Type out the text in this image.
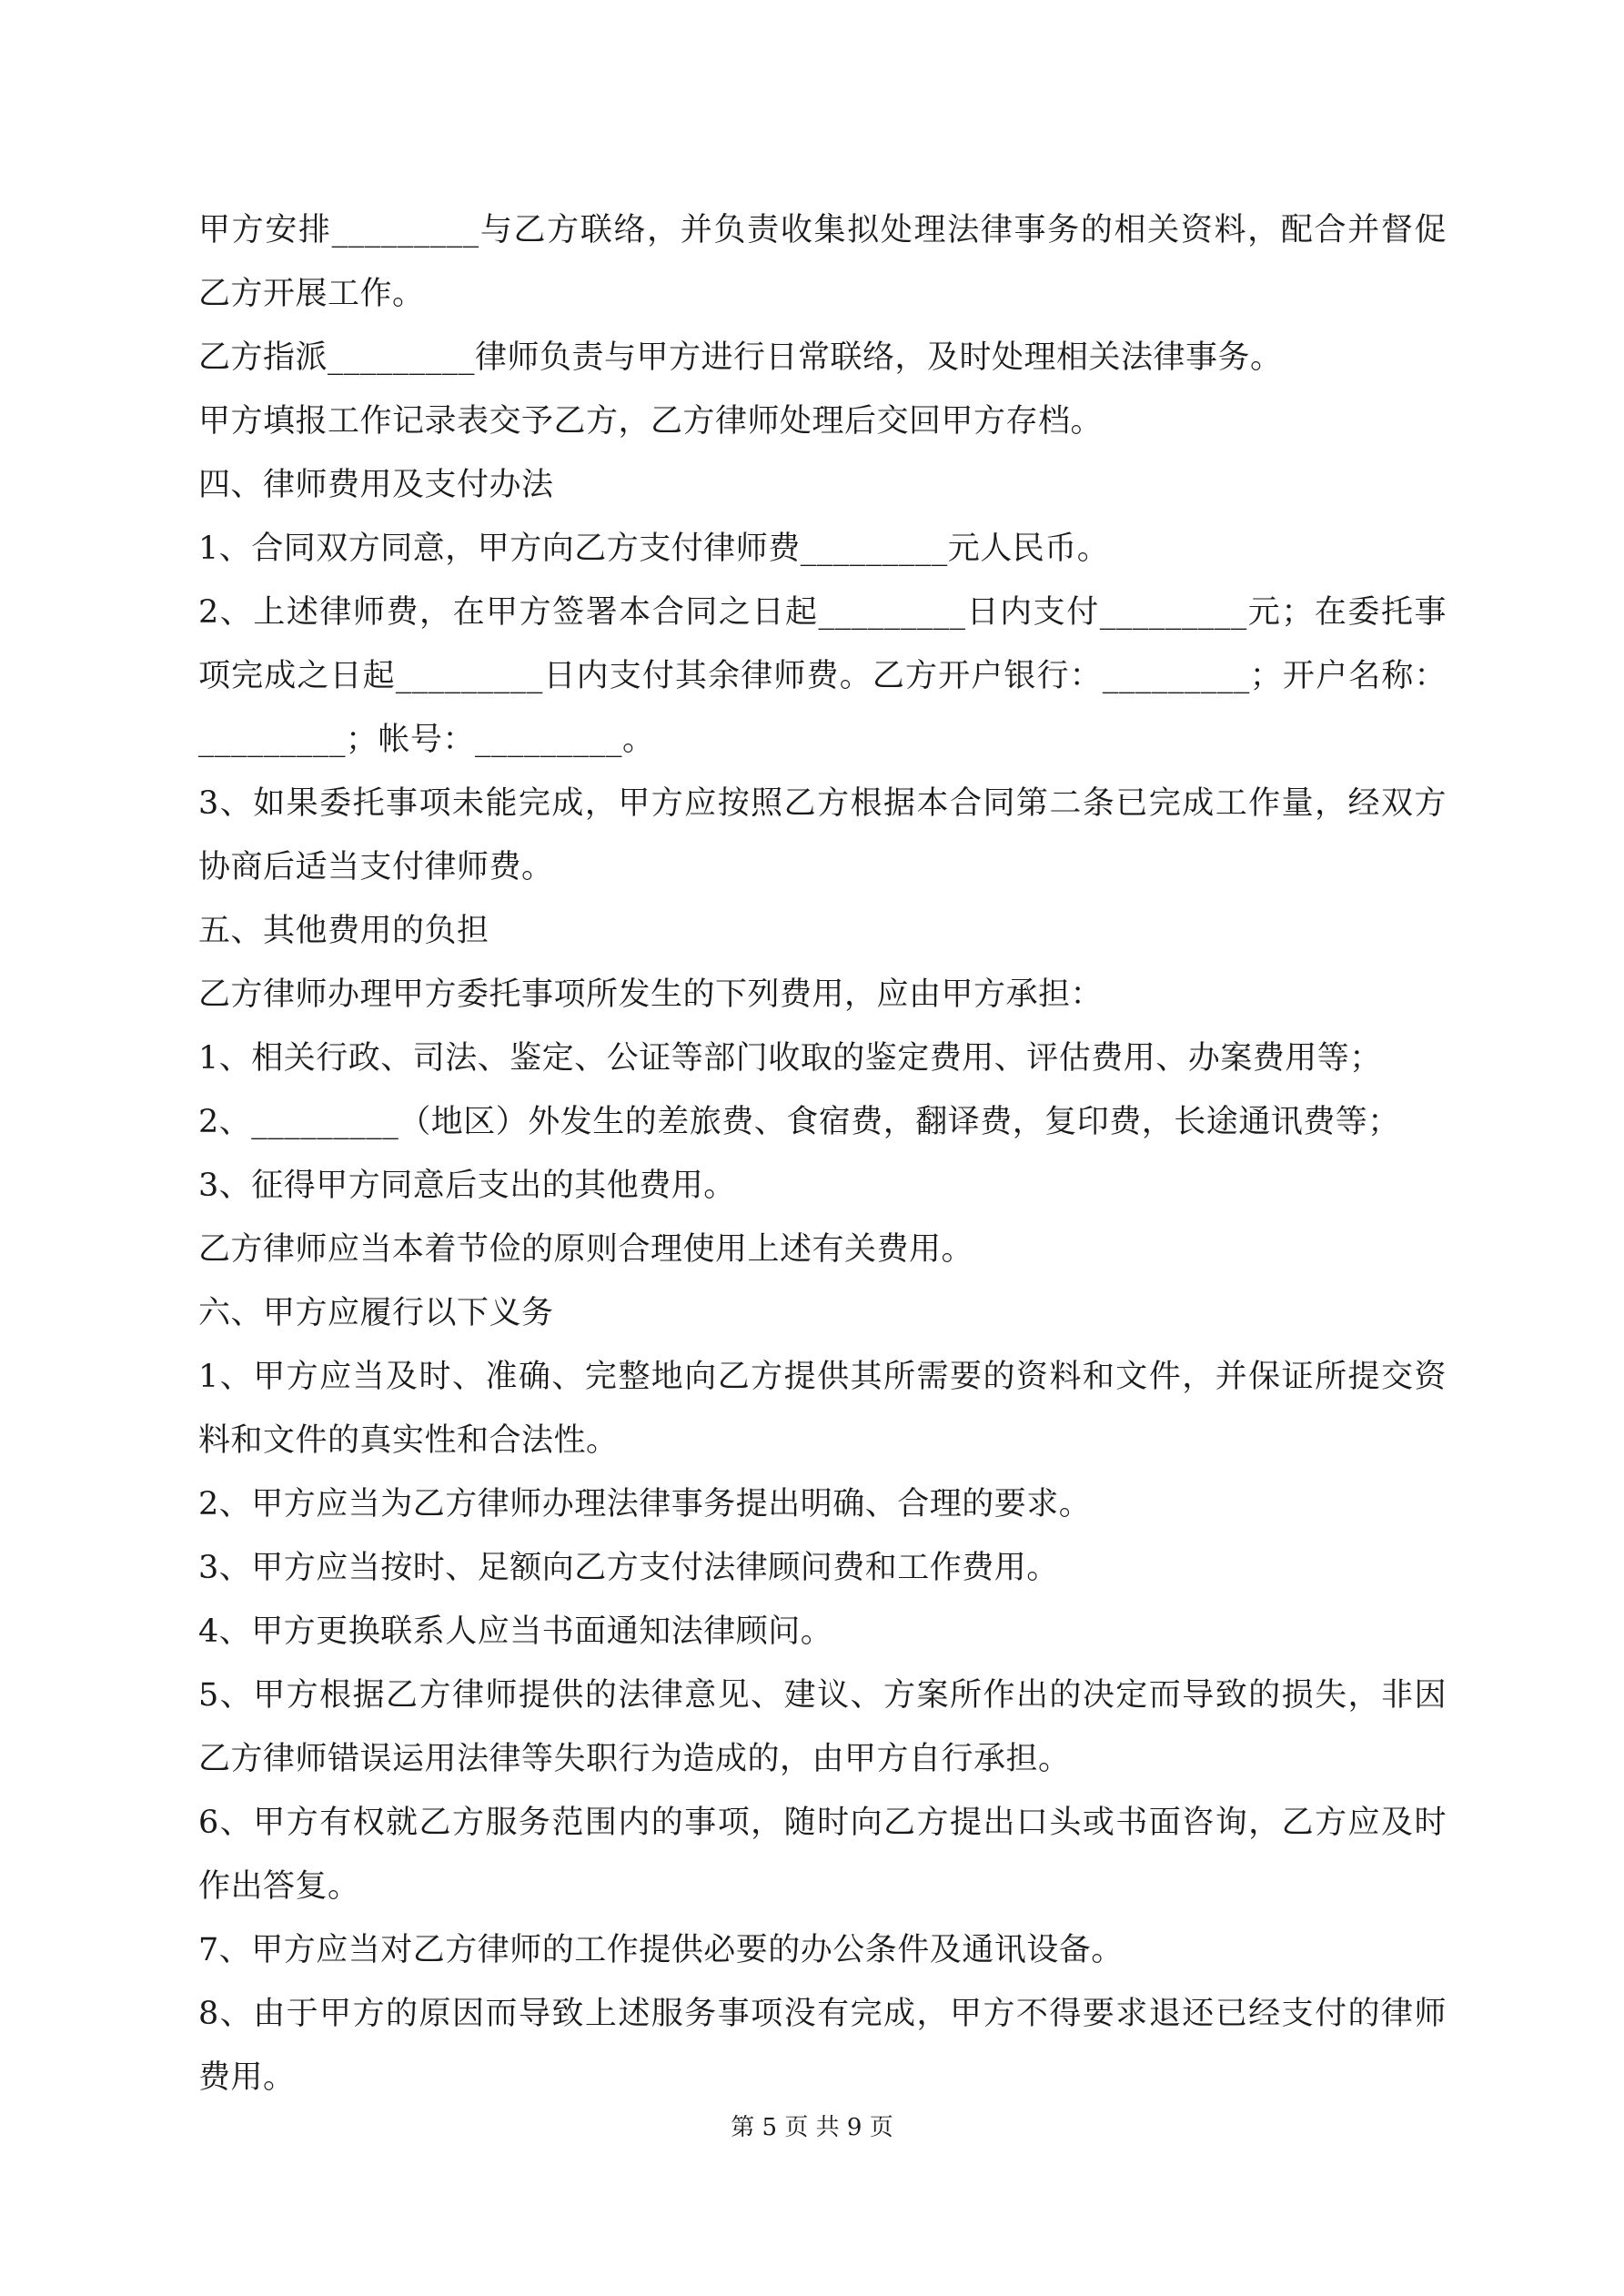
甲方安排_________与乙方联络，并负责收集拟处理法律事务的相关资料，配合并督促
乙方开展工作。
乙方指派_________律师负责与甲方进行日常联络，及时处理相关法律事务。
甲方填报工作记录表交予乙方，乙方律师处理后交回甲方存档。
四、律师费用及支付办法
1、合同双方同意，甲方向乙方支付律师费_________元人民币。
2、上述律师费，在甲方签署本合同之日起_________日内支付_________元；在委托事
项完成之日起_________日内支付其余律师费。乙方开户银行：_________；开户名称：
_________；帐号：_________。
3、如果委托事项未能完成，甲方应按照乙方根据本合同第二条已完成工作量，经双方
协商后适当支付律师费。
五、其他费用的负担
乙方律师办理甲方委托事项所发生的下列费用，应由甲方承担：
1、相关行政、司法、鉴定、公证等部门收取的鉴定费用、评估费用、办案费用等；
2、_________（地区）外发生的差旅费、食宿费，翻译费，复印费，长途通讯费等；
3、征得甲方同意后支出的其他费用。
乙方律师应当本着节俭的原则合理使用上述有关费用。
六、甲方应履行以下义务
1、甲方应当及时、准确、完整地向乙方提供其所需要的资料和文件，并保证所提交资
料和文件的真实性和合法性。
2、甲方应当为乙方律师办理法律事务提出明确、合理的要求。
3、甲方应当按时、足额向乙方支付法律顾问费和工作费用。
4、甲方更换联系人应当书面通知法律顾问。
5、甲方根据乙方律师提供的法律意见、建议、方案所作出的决定而导致的损失，非因
乙方律师错误运用法律等失职行为造成的，由甲方自行承担。
6、甲方有权就乙方服务范围内的事项，随时向乙方提出口头或书面咨询，乙方应及时
作出答复。
7、甲方应当对乙方律师的工作提供必要的办公条件及通讯设备。
8、由于甲方的原因而导致上述服务事项没有完成，甲方不得要求退还已经支付的律师
费用。
第 5 页 共 9 页
